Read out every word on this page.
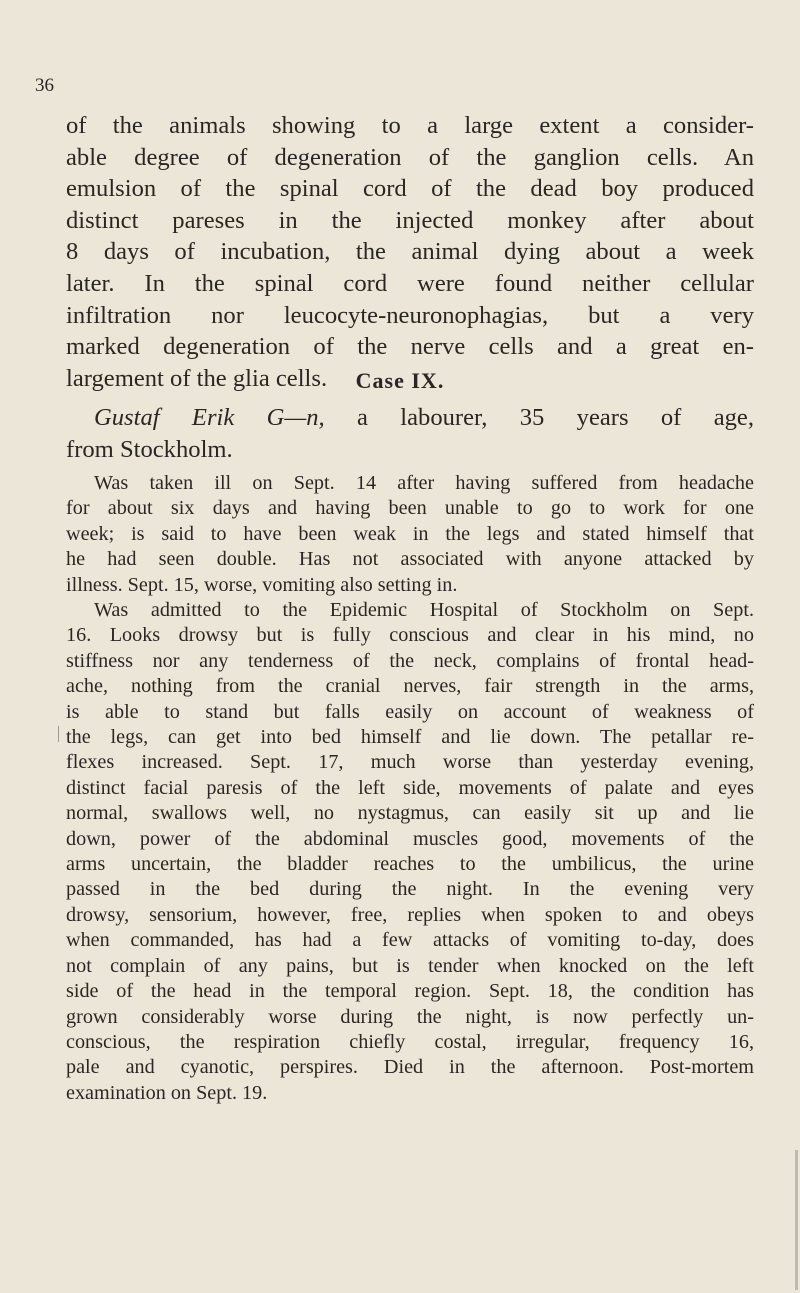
36

of the animals showing to a large extent a consider-
able degree of degeneration of the ganglion cells. An
emulsion of the spinal cord of the dead boy produced
distinct pareses in the injected monkey after about
8 days of incubation, the animal dying about a week
later. In the spinal cord were found neither cellular
infiltration nor leucocyte-neuronophagias, but a very
marked degeneration of the nerve cells and a great en-
largement of the glia cells.	Case IX.

Gustaf Erik G—n, a labourer, 35 years of age,
from Stockholm.

Was taken ill on Sept. 14 after having suffered from headache
for about six days and having been unable to go to work for one
week; is said to have been weak in the legs and stated himself that
he had seen double. Has not associated with anyone attacked by
illness. Sept. 15, worse, vomiting also setting in.

Was admitted to the Epidemic Hospital of Stockholm on Sept.
16. Looks drowsy but is fully conscious and clear in his mind, no
stiffness nor any tenderness of the neck, complains of frontal head-
ache, nothing from the cranial nerves, fair strength in the arms,
is able to stand but falls easily on account of weakness of
the legs, can get into bed himself and lie down. The petallar re-
flexes increased. Sept. 17, much worse than yesterday evening,
distinct facial paresis of the left side, movements of palate and eyes
normal, swallows well, no nystagmus, can easily sit up and lie
down, power of the abdominal muscles good, movements of the
arms uncertain, the bladder reaches to the umbilicus, the urine
passed in the bed during the night. In the evening very
drowsy, sensorium, however, free, replies when spoken to and obeys
when commanded, has had a few attacks of vomiting to-day, does
not complain of any pains, but is tender when knocked on the left
side of the head in the temporal region. Sept. 18, the condition has
grown considerably worse during the night, is now perfectly un-
conscious, the respiration chiefly costal, irregular, frequency 16,
pale and cyanotic, perspires. Died in the afternoon. Post-mortem
examination on Sept. 19.
